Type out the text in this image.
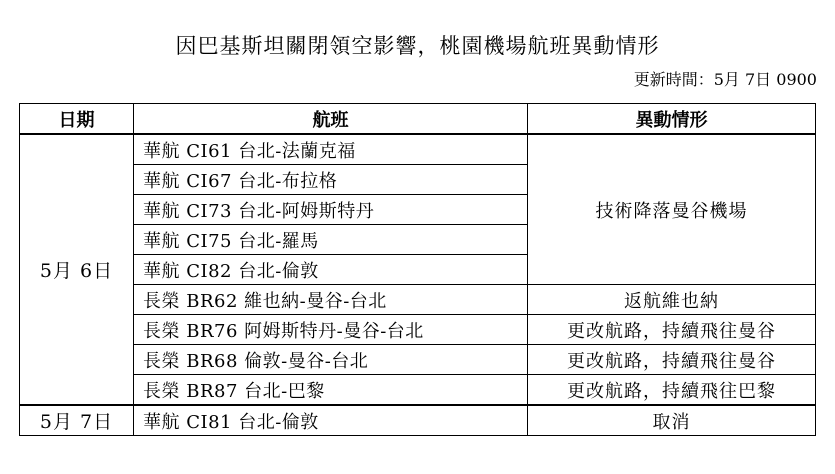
因巴基斯坦關閉領空影響，桃園機場航班異動情形
更新時間：5月 7日 0900
日期	航班	異動情形
5月 6日	華航 CI61 台北-法蘭克福	技術降落曼谷機場
	華航 CI67 台北-布拉格	
	華航 CI73 台北-阿姆斯特丹	
	華航 CI75 台北-羅馬	
	華航 CI82 台北-倫敦	
	長榮 BR62 維也納-曼谷-台北	返航維也納
	長榮 BR76 阿姆斯特丹-曼谷-台北	更改航路，持續飛往曼谷
	長榮 BR68 倫敦-曼谷-台北	更改航路，持續飛往曼谷
	長榮 BR87 台北-巴黎	更改航路，持續飛往巴黎
5月 7日	華航 CI81 台北-倫敦	取消
